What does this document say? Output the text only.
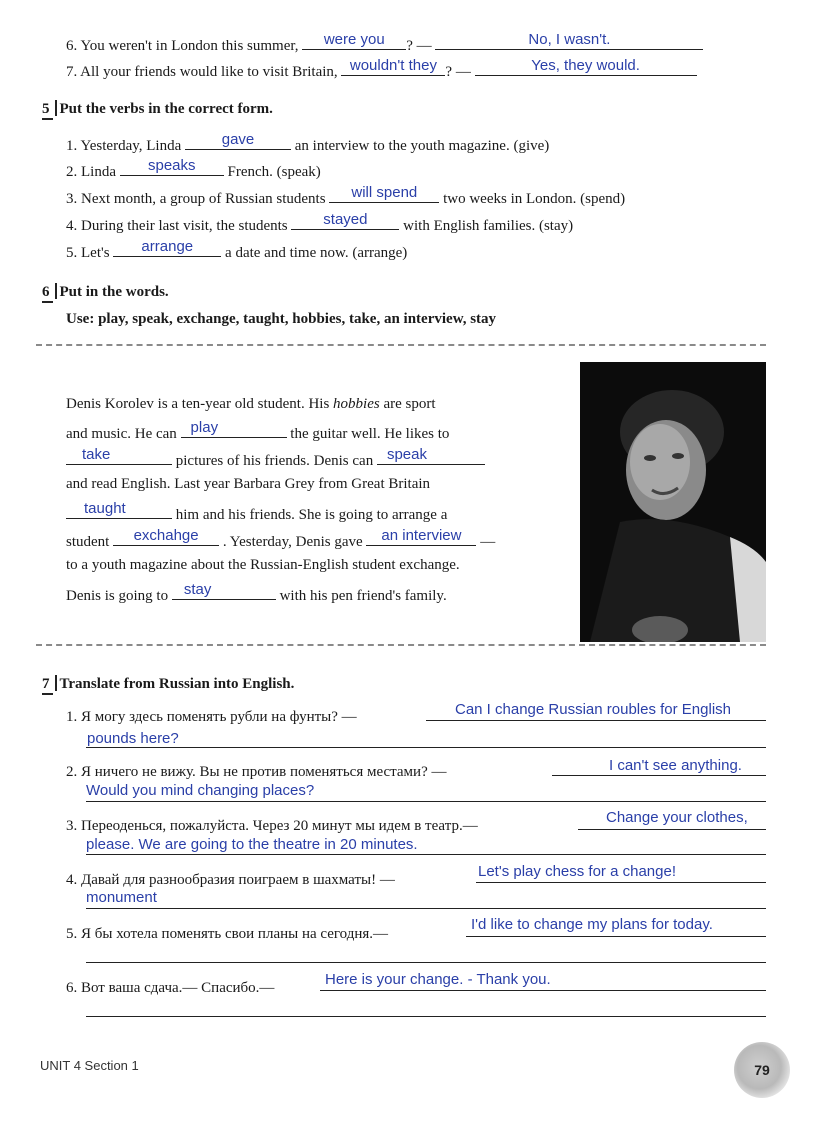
6. You weren't in London this summer,	were you	? —	No, I wasn't.
7. All your friends would like to visit Britain, wouldn't they ? —	Yes, they would.
5 Put the verbs in the correct form.
1. Yesterday, Linda	gave	an interview to the youth magazine. (give)
2. Linda	speaks	French. (speak)
3. Next month, a group of Russian students	will spend	two weeks in London. (spend)
4. During their last visit, the students	stayed	with English families. (stay)
5. Let's	arrange	a date and time now. (arrange)
6 Put in the words.
Use: play, speak, exchange, taught, hobbies, take, an interview, stay
Denis Korolev is a ten-year old student. His hobbies are sport
and music. He can play	the guitar well. He likes to
take	pictures of his friends. Denis can speak
and read English. Last year Barbara Grey from Great Britain
taught	him and his friends. She is going to arrange a
student	exchahge	. Yesterday, Denis gave	an interview	—
to a youth magazine about the Russian-English student exchange.
Denis is going to stay	with his pen friend's family.
7 Translate from Russian into English.
1. Я могу здесь поменять рубли на фунты? —	Can I change Russian roubles for English
pounds here?
2. Я ничего не вижу. Вы не против поменяться местами? —	I can't see anything.
Would you mind changing places?
3. Переоденься, пожалуйста. Через 20 минут мы идем в театр.—	Change your clothes,
please. We are going to the theatre in 20 minutes.
4. Давай для разнообразия поиграем в шахматы! —	Let's play chess for a change!
monument
5. Я бы хотела поменять свои планы на сегодня.—
I'd like to change my plans for today.
6. Вот ваша сдача.— Спасибо.—	Here is your change. - Thank you.
UNIT 4 Section 1	79
